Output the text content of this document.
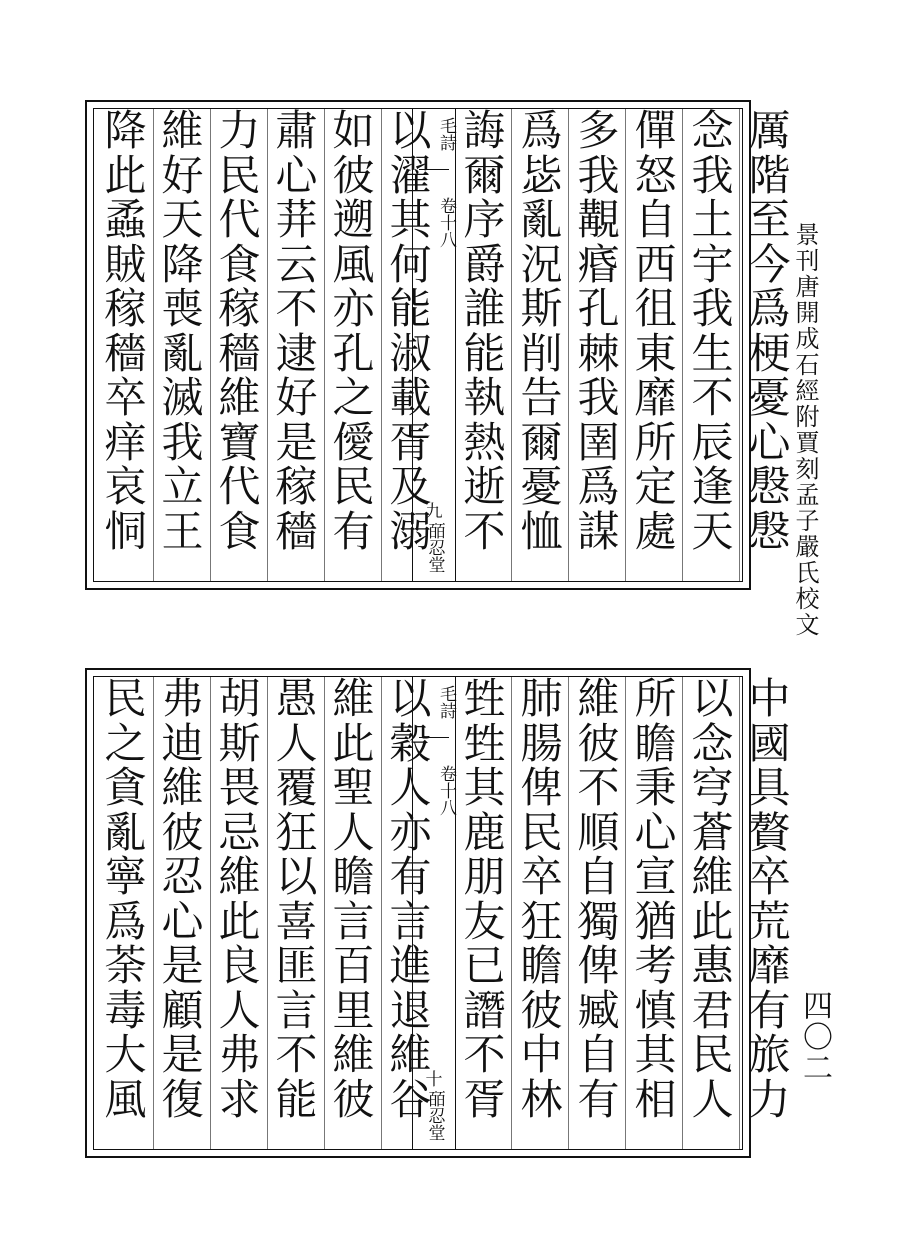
景刊唐開成石經附賈刻孟子嚴氏校文
四〇二
毛詩
卷十八
九
皕忍堂
厲
階
至
今
爲
梗
憂
心
慇
慇
念
我
土
宇
我
生
不
辰
逢
天
僤
怒
自
西
徂
東
靡
所
定
處
多
我
覯
痻
孔
棘
我
圉
爲
謀
爲
毖
亂
況
斯
削
告
爾
憂
恤
誨
爾
序
爵
誰
能
執
熱
逝
不
以
濯
其
何
能
淑
載
胥
及
溺
如
彼
遡
風
亦
孔
之
僾
民
有
肅
心
荓
云
不
逮
好
是
稼
穡
力
民
代
食
稼
穡
維
寶
代
食
維
好
天
降
喪
亂
滅
我
立
王
降
此
蟊
賊
稼
穡
卒
痒
哀
恫
毛詩
卷十八
十
皕忍堂
中
國
具
贅
卒
荒
靡
有
旅
力
以
念
穹
蒼
維
此
惠
君
民
人
所
瞻
秉
心
宣
猶
考
慎
其
相
維
彼
不
順
自
獨
俾
臧
自
有
肺
腸
俾
民
卒
狂
瞻
彼
中
林
甡
甡
其
鹿
朋
友
已
譖
不
胥
以
穀
人
亦
有
言
進
退
維
谷
維
此
聖
人
瞻
言
百
里
維
彼
愚
人
覆
狂
以
喜
匪
言
不
能
胡
斯
畏
忌
維
此
良
人
弗
求
弗
迪
維
彼
忍
心
是
顧
是
復
民
之
貪
亂
寧
爲
荼
毒
大
風
